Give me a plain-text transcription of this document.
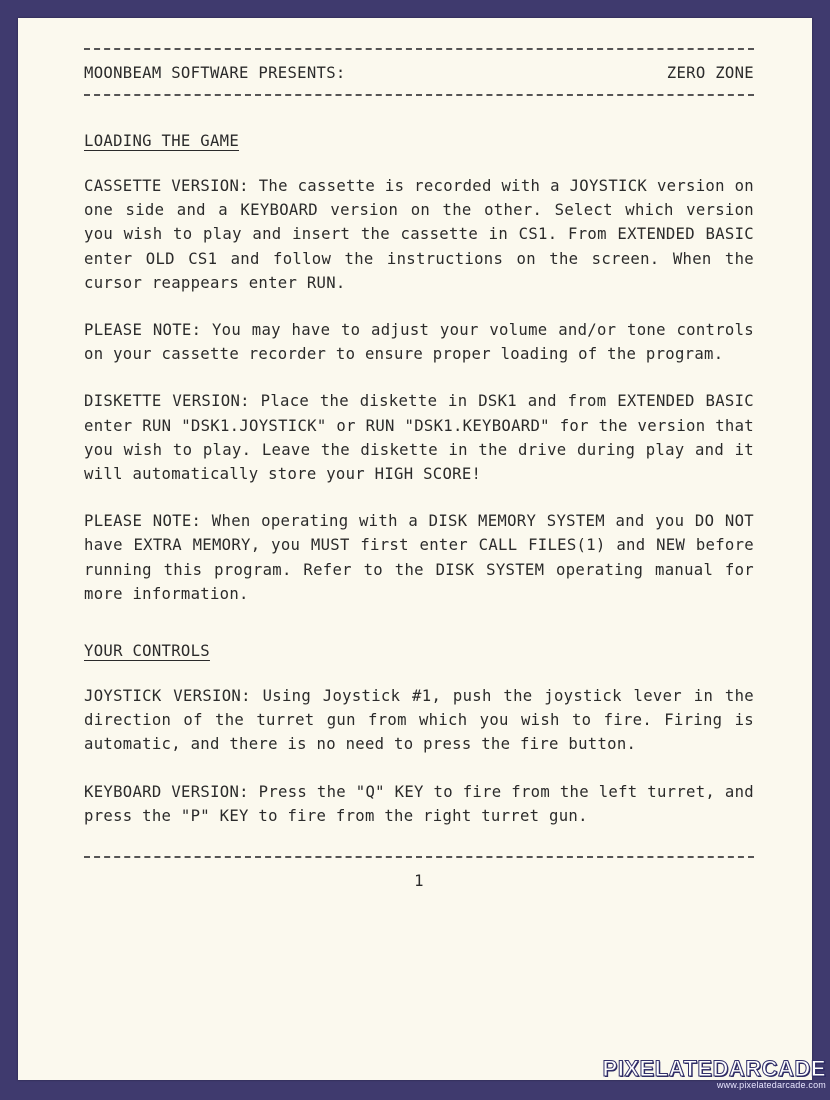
MOONBEAM SOFTWARE PRESENTS:	ZERO ZONE
LOADING THE GAME

CASSETTE VERSION: The cassette is recorded with a JOYSTICK version on one side and a KEYBOARD version on the other. Select which version you wish to play and insert the cassette in CS1. From EXTENDED BASIC enter OLD CS1 and follow the instructions on the screen. When the cursor reappears enter RUN.

PLEASE NOTE: You may have to adjust your volume and/or tone controls on your cassette recorder to ensure proper loading of the program.

DISKETTE VERSION: Place the diskette in DSK1 and from EXTENDED BASIC enter RUN "DSK1.JOYSTICK" or RUN "DSK1.KEYBOARD" for the version that you wish to play. Leave the diskette in the drive during play and it will automatically store your HIGH SCORE!

PLEASE NOTE: When operating with a DISK MEMORY SYSTEM and you DO NOT have EXTRA MEMORY, you MUST first enter CALL FILES(1) and NEW before running this program. Refer to the DISK SYSTEM operating manual for more information.

YOUR CONTROLS

JOYSTICK VERSION: Using Joystick #1, push the joystick lever in the direction of the turret gun from which you wish to fire. Firing is automatic, and there is no need to press the fire button.

KEYBOARD VERSION: Press the "Q" KEY to fire from the left turret, and press the "P" KEY to fire from the right turret gun.

1
PIXELATEDARCADE
www.pixelatedarcade.com
